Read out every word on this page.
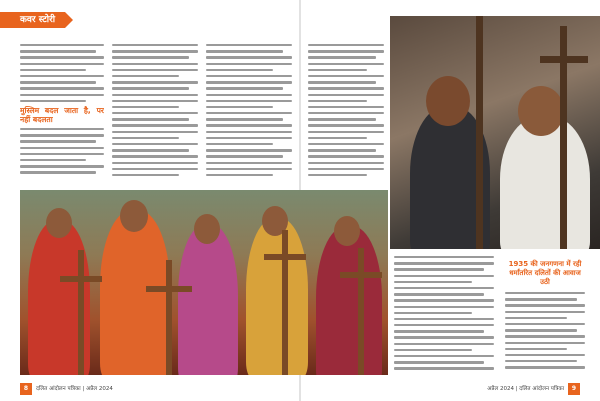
कवर स्टोरी
मुस्लिम बदल जाता है, पर नहीं बदलता
1935 की जनगणना में रही धर्मांतरित दलितों की आवाज उठी
8 दलित आंदोलन पत्रिका | अप्रैल 2024	अप्रैल 2024 | दलित आंदोलन पत्रिका 9
